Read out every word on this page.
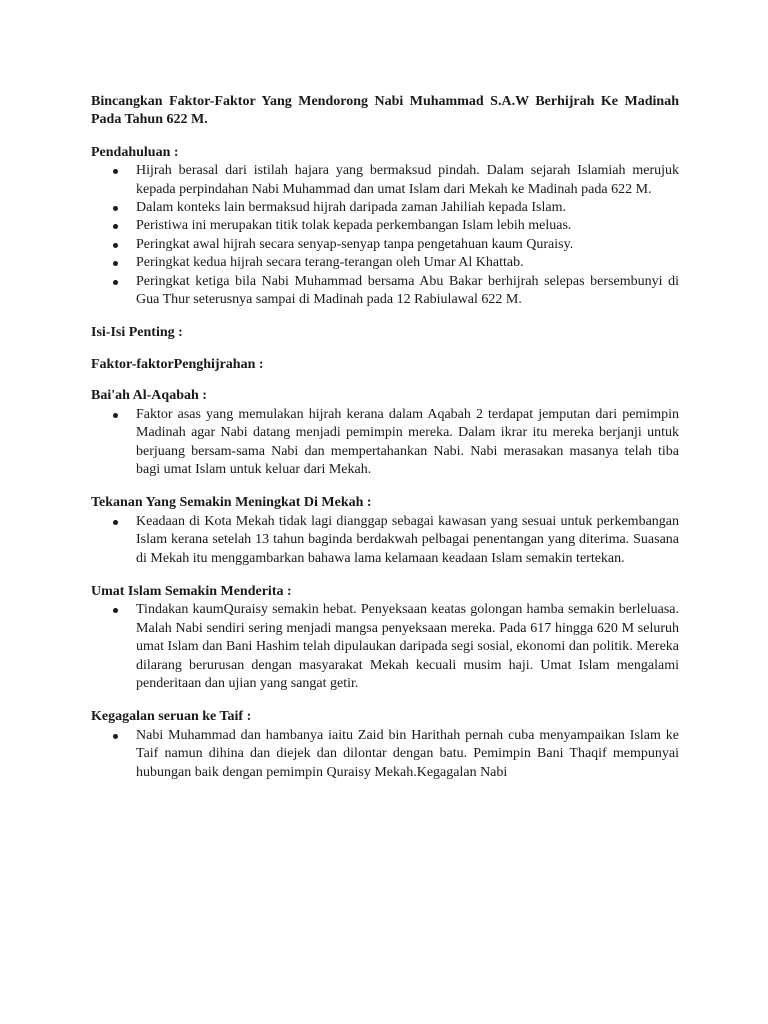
Bincangkan Faktor-Faktor Yang Mendorong Nabi Muhammad S.A.W Berhijrah Ke Madinah Pada Tahun 622 M.

Pendahuluan :

Hijrah berasal dari istilah hajara yang bermaksud pindah. Dalam sejarah Islamiah merujuk kepada perpindahan Nabi Muhammad dan umat Islam dari Mekah ke Madinah pada 622 M.
Dalam konteks lain bermaksud hijrah daripada zaman Jahiliah kepada Islam.
Peristiwa ini merupakan titik tolak kepada perkembangan Islam lebih meluas.
Peringkat awal hijrah secara senyap-senyap tanpa pengetahuan kaum Quraisy.
Peringkat kedua hijrah secara terang-terangan oleh Umar Al Khattab.
Peringkat ketiga bila Nabi Muhammad bersama Abu Bakar berhijrah selepas bersembunyi di Gua Thur seterusnya sampai di Madinah pada 12 Rabiulawal 622 M.

Isi-Isi Penting :

Faktor-faktorPenghijrahan :

Bai'ah Al-Aqabah :

Faktor asas yang memulakan hijrah kerana dalam Aqabah 2 terdapat jemputan dari pemimpin Madinah agar Nabi datang menjadi pemimpin mereka. Dalam ikrar itu mereka berjanji untuk berjuang bersam-sama Nabi dan mempertahankan Nabi. Nabi merasakan masanya telah tiba bagi umat Islam untuk keluar dari Mekah.

Tekanan Yang Semakin Meningkat Di Mekah :

Keadaan di Kota Mekah tidak lagi dianggap sebagai kawasan yang sesuai untuk perkembangan Islam kerana setelah 13 tahun baginda berdakwah pelbagai penentangan yang diterima. Suasana di Mekah itu menggambarkan bahawa lama kelamaan keadaan Islam semakin tertekan.

Umat Islam Semakin Menderita :

Tindakan kaumQuraisy semakin hebat. Penyeksaan keatas golongan hamba semakin berleluasa. Malah Nabi sendiri sering menjadi mangsa penyeksaan mereka. Pada 617 hingga 620 M seluruh umat Islam dan Bani Hashim telah dipulaukan daripada segi sosial, ekonomi dan politik. Mereka dilarang berurusan dengan masyarakat Mekah kecuali musim haji. Umat Islam mengalami penderitaan dan ujian yang sangat getir.

Kegagalan seruan ke Taif :

Nabi Muhammad dan hambanya iaitu Zaid bin Harithah pernah cuba menyampaikan Islam ke Taif namun dihina dan diejek dan dilontar dengan batu. Pemimpin Bani Thaqif mempunyai hubungan baik dengan pemimpin Quraisy Mekah.Kegagalan Nabi
